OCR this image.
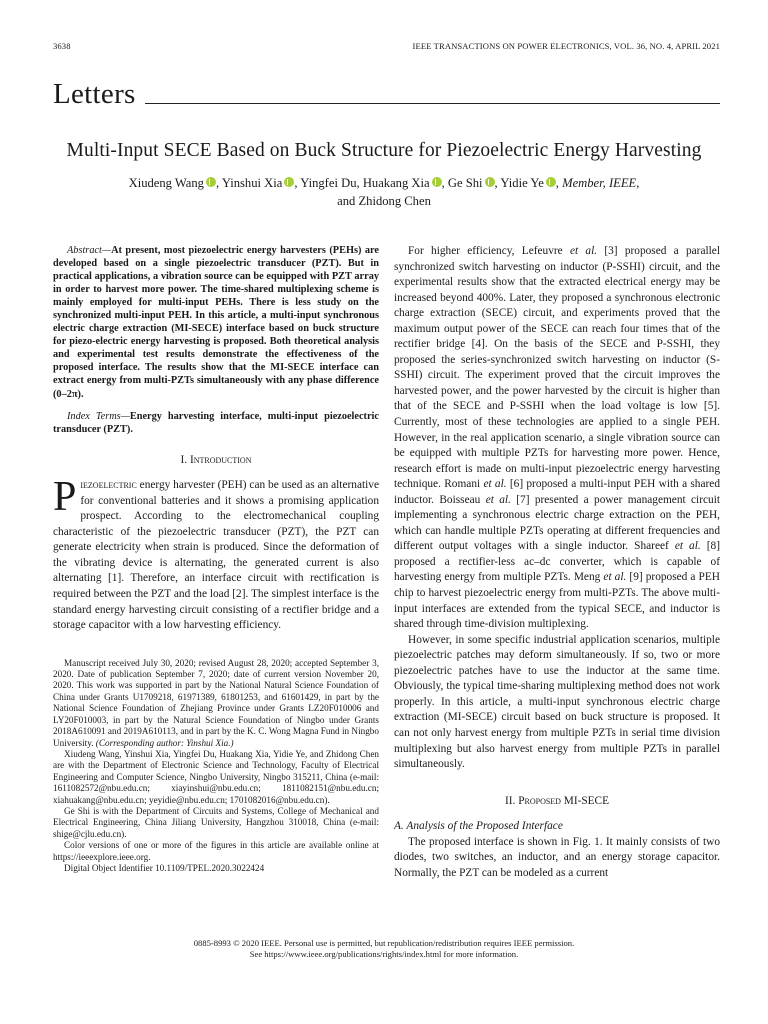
3638	IEEE TRANSACTIONS ON POWER ELECTRONICS, VOL. 36, NO. 4, APRIL 2021
Letters
Multi-Input SECE Based on Buck Structure for Piezoelectric Energy Harvesting
Xiudeng Wang , Yinshui Xia , Yingfei Du, Huakang Xia , Ge Shi , Yidie Ye , Member, IEEE,
and Zhidong Chen

Abstract—At present, most piezoelectric energy harvesters (PEHs) are developed based on a single piezoelectric transducer (PZT). But in practical applications, a vibration source can be equipped with PZT array in order to harvest more power. The time-shared multiplexing scheme is mainly employed for multi-input PEHs. There is less study on the synchronized multi-input PEH. In this article, a multi-input synchronous electric charge extraction (MI-SECE) interface based on buck structure for piezo-electric energy harvesting is proposed. Both theoretical analysis and experimental test results demonstrate the effectiveness of the proposed interface. The results show that the MI-SECE interface can extract energy from multi-PZTs simultaneously with any phase difference (0–2π).

Index Terms—Energy harvesting interface, multi-input piezoelectric transducer (PZT).

I. Introduction

Piezoelectric energy harvester (PEH) can be used as an alternative for conventional batteries and it shows a promising application prospect. According to the electromechanical coupling characteristic of the piezoelectric transducer (PZT), the PZT can generate electricity when strain is produced. Since the deformation of the vibrating device is alternating, the generated current is also alternating [1]. Therefore, an interface circuit with rectification is required between the PZT and the load [2]. The simplest interface is the standard energy harvesting circuit consisting of a rectifier bridge and a storage capacitor with a low harvesting efficiency.

Manuscript received July 30, 2020; revised August 28, 2020; accepted September 3, 2020. Date of publication September 7, 2020; date of current version November 20, 2020. This work was supported in part by the National Natural Science Foundation of China under Grants U1709218, 61971389, 61801253, and 61601429, in part by the National Science Foundation of Zhejiang Province under Grants LZ20F010006 and LY20F010003, in part by the Natural Science Foundation of Ningbo under Grants 2018A610091 and 2019A610113, and in part by the K. C. Wong Magna Fund in Ningbo University. (Corresponding author: Yinshui Xia.)

Xiudeng Wang, Yinshui Xia, Yingfei Du, Huakang Xia, Yidie Ye, and Zhidong Chen are with the Department of Electronic Science and Technology, Faculty of Electrical Engineering and Computer Science, Ningbo University, Ningbo 315211, China (e-mail: 1611082572@nbu.edu.cn; xiayinshui@nbu.edu.cn; 1811082151@nbu.edu.cn; xiahuakang@nbu.edu.cn; yeyidie@nbu.edu.cn; 1701082016@nbu.edu.cn).

Ge Shi is with the Department of Circuits and Systems, College of Mechanical and Electrical Engineering, China Jiliang University, Hangzhou 310018, China (e-mail: shige@cjlu.edu.cn).

Color versions of one or more of the figures in this article are available online at https://ieeexplore.ieee.org.

Digital Object Identifier 10.1109/TPEL.2020.3022424

For higher efficiency, Lefeuvre et al. [3] proposed a parallel synchronized switch harvesting on inductor (P-SSHI) circuit, and the experimental results show that the extracted electrical energy may be increased beyond 400%. Later, they proposed a synchronous electronic charge extraction (SECE) circuit, and experiments proved that the maximum output power of the SECE can reach four times that of the rectifier bridge [4]. On the basis of the SECE and P-SSHI, they proposed the series-synchronized switch harvesting on inductor (S-SSHI) circuit. The experiment proved that the circuit improves the harvested power, and the power harvested by the circuit is higher than that of the SECE and P-SSHI when the load voltage is low [5]. Currently, most of these technologies are applied to a single PEH. However, in the real application scenario, a single vibration source can be equipped with multiple PZTs for harvesting more power. Hence, research effort is made on multi-input piezoelectric energy harvesting technique. Romani et al. [6] proposed a multi-input PEH with a shared inductor. Boisseau et al. [7] presented a power management circuit implementing a synchronous electric charge extraction on the PEH, which can handle multiple PZTs operating at different frequencies and different output voltages with a single inductor. Shareef et al. [8] proposed a rectifier-less ac–dc converter, which is capable of harvesting energy from multiple PZTs. Meng et al. [9] proposed a PEH chip to harvest piezoelectric energy from multi-PZTs. The above multi-input interfaces are extended from the typical SECE, and inductor is shared through time-division multiplexing.

However, in some specific industrial application scenarios, multiple piezoelectric patches may deform simultaneously. If so, two or more piezoelectric patches have to use the inductor at the same time. Obviously, the typical time-sharing multiplexing method does not work properly. In this article, a multi-input synchronous electric charge extraction (MI-SECE) circuit based on buck structure is proposed. It can not only harvest energy from multiple PZTs in serial time division multiplexing but also harvest energy from multiple PZTs in parallel simultaneously.

II. Proposed MI-SECE

A. Analysis of the Proposed Interface

The proposed interface is shown in Fig. 1. It mainly consists of two diodes, two switches, an inductor, and an energy storage capacitor. Normally, the PZT can be modeled as a current

0885-8993 © 2020 IEEE. Personal use is permitted, but republication/redistribution requires IEEE permission.
See https://www.ieee.org/publications/rights/index.html for more information.
